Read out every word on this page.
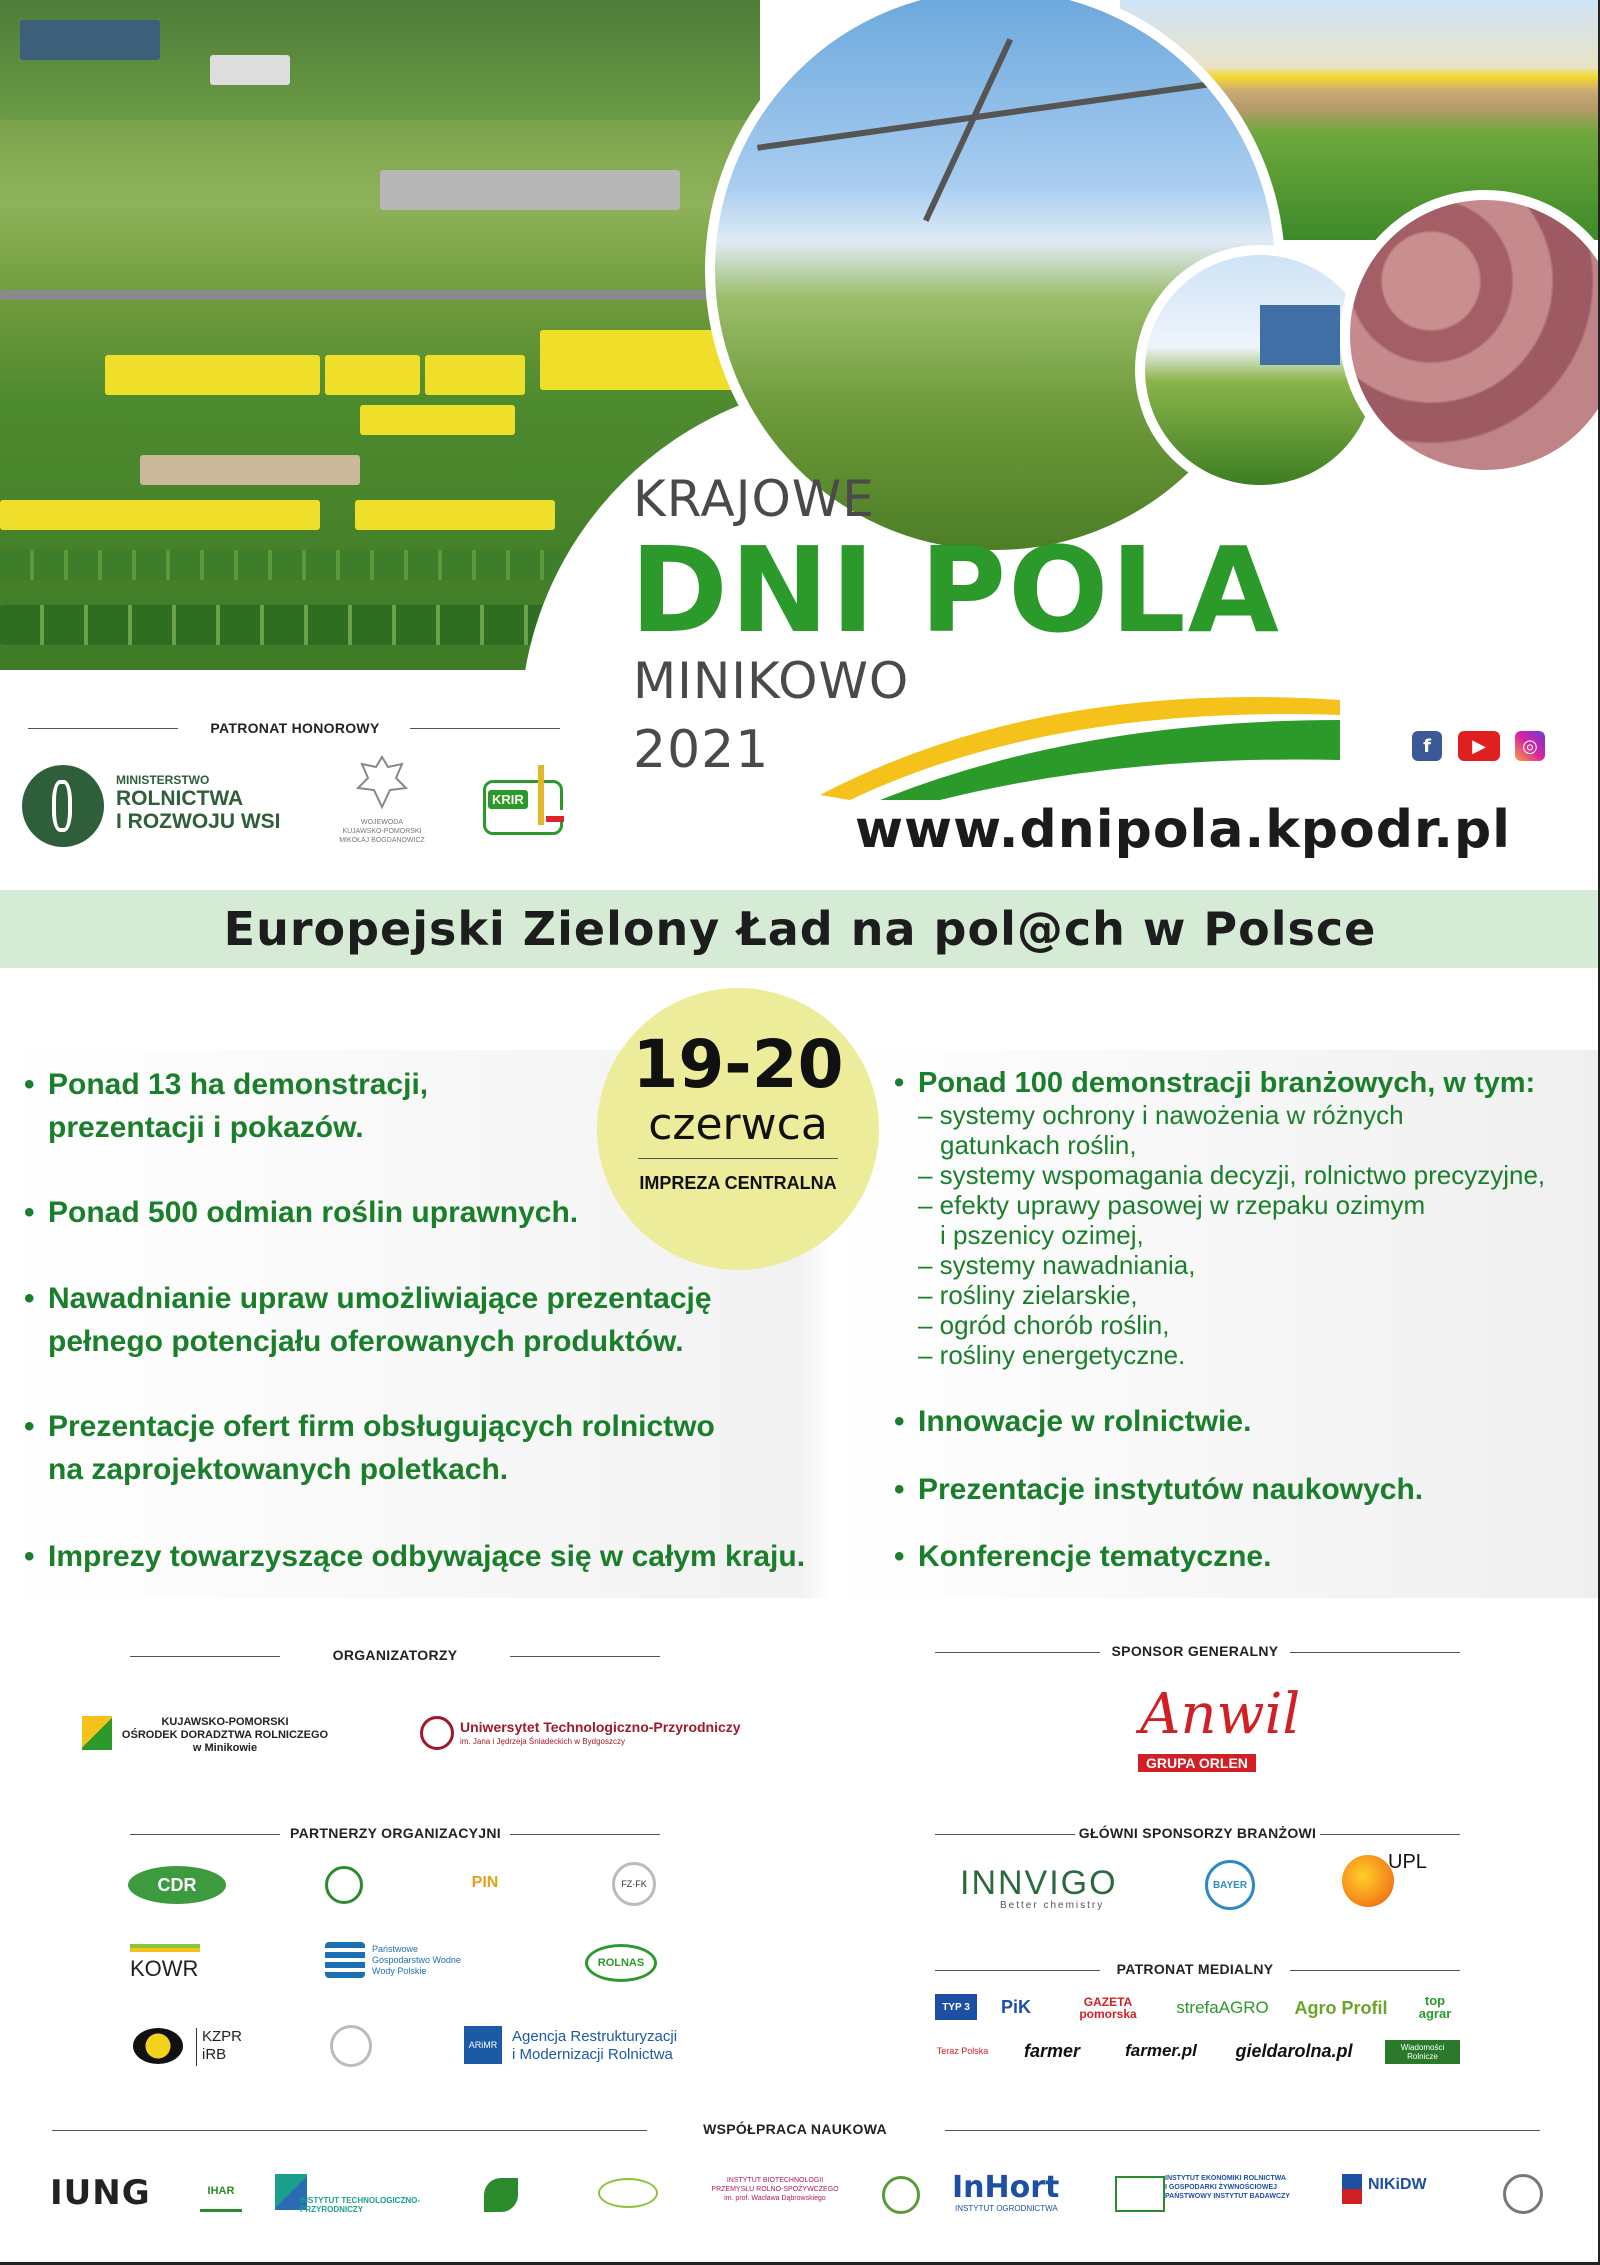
KRAJOWE
DNI POLA
MINIKOWO
2021	f	▶	◎
www.dnipola.kpodr.pl
PATRONAT HONOROWY
MINISTERSTWO
ROLNICTWA
I ROZWOJU WSI	WOJEWODA
KUJAWSKO-POMORSKI
MIKOŁAJ BOGDANOWICZ
KRIR
Europejski Zielony Ład na pol@ch w Polsce
19-20
czerwca
IMPREZA CENTRALNA
• Ponad 13 ha demonstracji,
prezentacji i pokazów.
• Ponad 500 odmian roślin uprawnych.
• Nawadnianie upraw umożliwiające prezentację
pełnego potencjału oferowanych produktów.
• Prezentacje ofert firm obsługujących rolnictwo
na zaprojektowanych poletkach.
• Imprezy towarzyszące odbywające się w całym kraju.
• Ponad 100 demonstracji branżowych, w tym:
– systemy ochrony i nawożenia w różnych
gatunkach roślin,
– systemy wspomagania decyzji, rolnictwo precyzyjne,
– efekty uprawy pasowej w rzepaku ozimym
i pszenicy ozimej,
– systemy nawadniania,
– rośliny zielarskie,
– ogród chorób roślin,
– rośliny energetyczne.
• Innowacje w rolnictwie.
• Prezentacje instytutów naukowych.
• Konferencje tematyczne.
ORGANIZATORZY
KUJAWSKO-POMORSKI
OŚRODEK DORADZTWA ROLNICZEGO
w Minikowie
Uniwersytet Technologiczno-Przyrodniczy
im. Jana i Jędrzeja Śniadeckich w Bydgoszczy
SPONSOR GENERALNY
Anwil
GRUPA ORLEN
PARTNERZY ORGANIZACYJNI
CDR	PIN	FZ·FK
KOWR
Państwowe
Gospodarstwo Wodne
Wody Polskie
ROLNAS
KZPR
iRB
ARiMR Agencja Restrukturyzacji
i Modernizacji Rolnictwa
GŁÓWNI SPONSORZY BRANŻOWI
INNVIGO
Better chemistry
BAYER
UPL
PATRONAT MEDIALNY
TYP 3	PiK	GAZETA pomorska	strefaAGRO	Agro Profil	top agrar
Teraz Polska	farmer	farmer.pl	gieldarolna.pl	Wiadomości Rolnicze
WSPÓŁPRACA NAUKOWA
IUNG	IHAR
INSTYTUT TECHNOLOGICZNO-PRZYRODNICZY
INSTYTUT BIOTECHNOLOGII
PRZEMYSŁU ROLNO-SPOŻYWCZEGO
im. prof. Wacława Dąbrowskiego	InHort
INSTYTUT OGRODNICTWA
INSTYTUT EKONOMIKI ROLNICTWA
I GOSPODARKI ŻYWNOŚCIOWEJ
PAŃSTWOWY INSTYTUT BADAWCZY
NIKiDW
